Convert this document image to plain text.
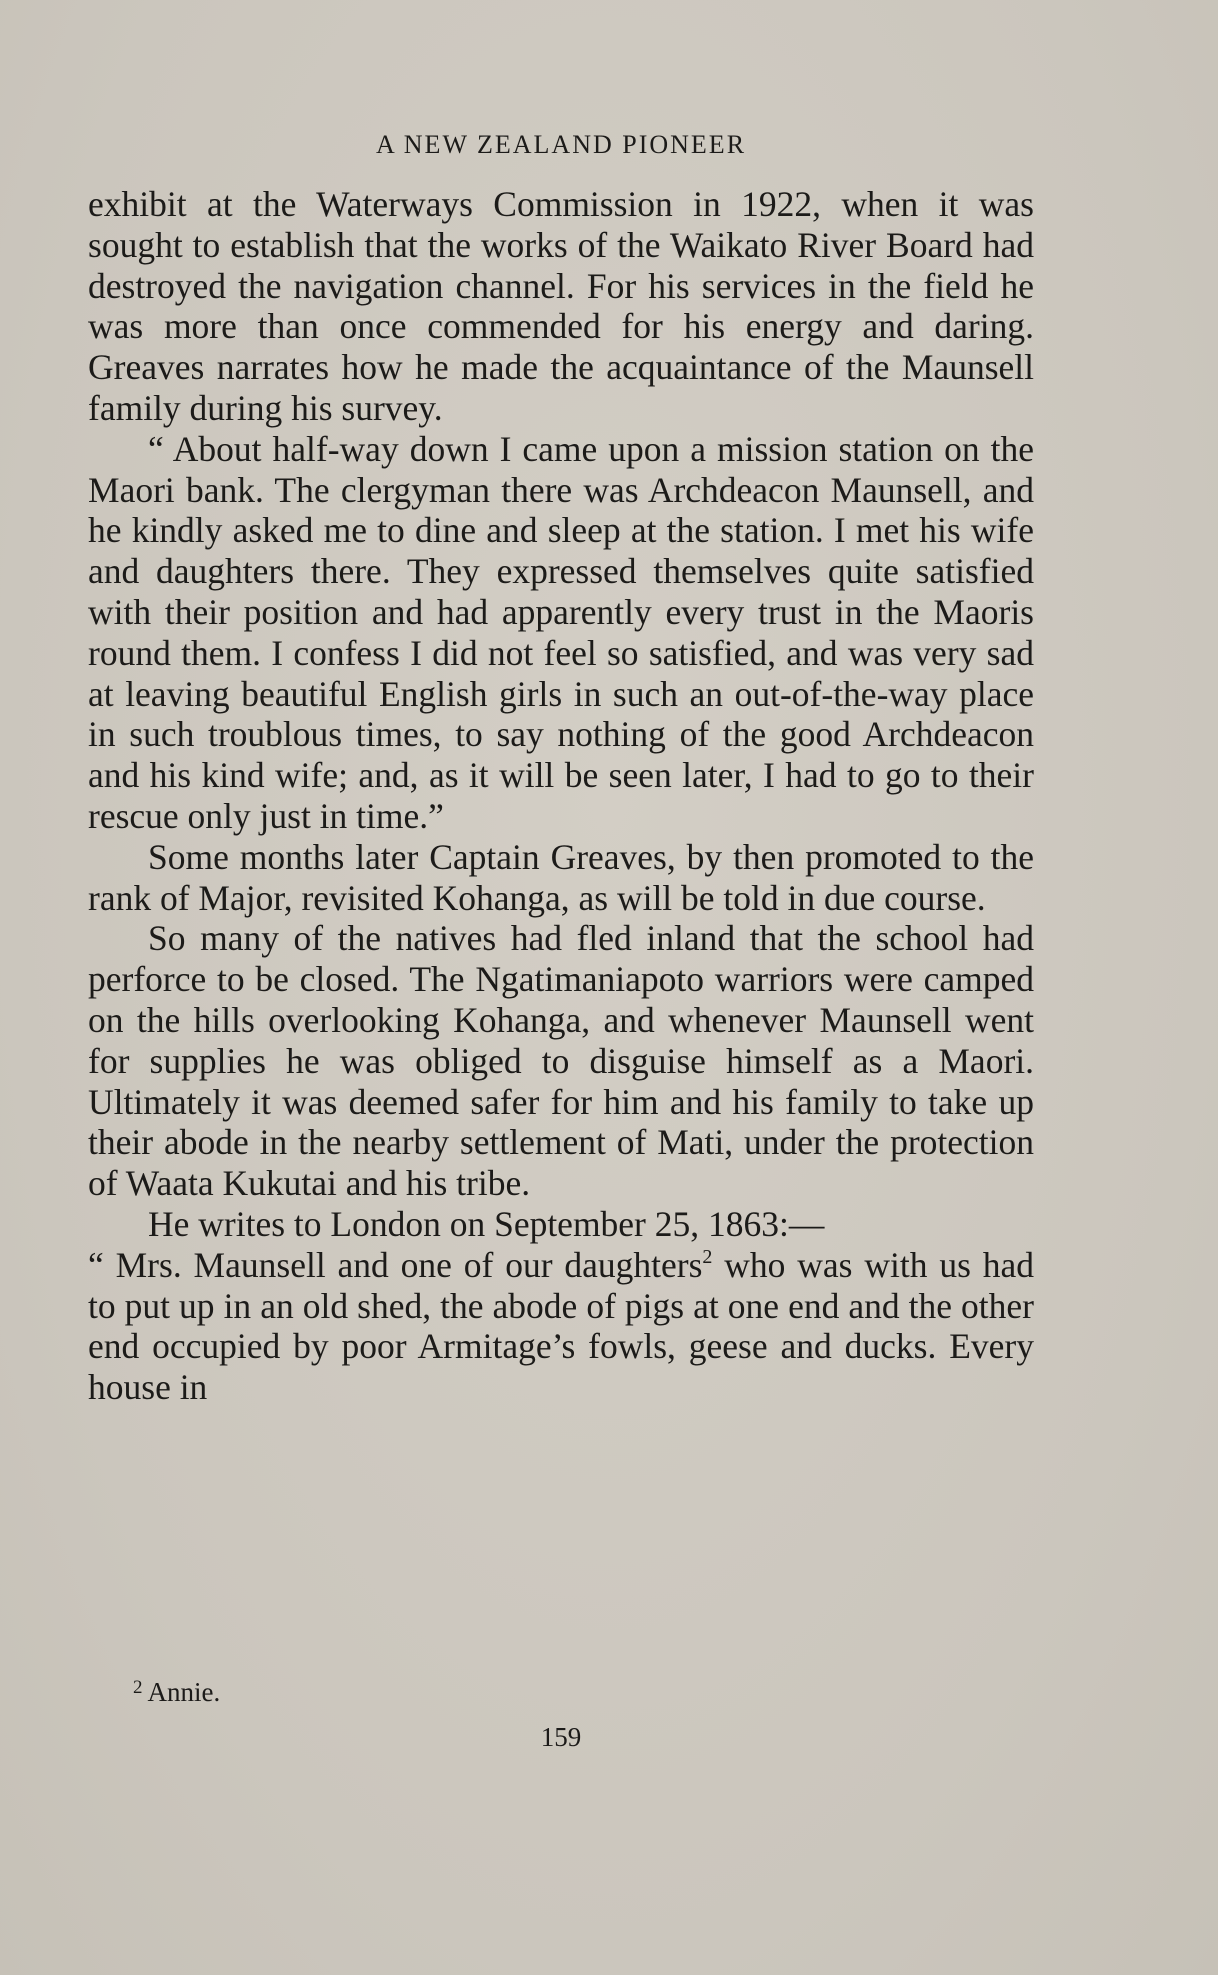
A NEW ZEALAND PIONEER

exhibit at the Waterways Commission in 1922, when it was sought to establish that the works of the Waikato River Board had destroyed the navigation channel. For his services in the field he was more than once commended for his energy and daring. Greaves narrates how he made the acquaintance of the Maunsell family during his survey.

“ About half-way down I came upon a mission station on the Maori bank. The clergyman there was Archdeacon Maunsell, and he kindly asked me to dine and sleep at the station. I met his wife and daughters there. They expressed themselves quite satisfied with their position and had apparently every trust in the Maoris round them. I confess I did not feel so satisfied, and was very sad at leaving beautiful English girls in such an out-of-the-way place in such troublous times, to say nothing of the good Archdeacon and his kind wife; and, as it will be seen later, I had to go to their rescue only just in time.”

Some months later Captain Greaves, by then promoted to the rank of Major, revisited Kohanga, as will be told in due course.

So many of the natives had fled inland that the school had perforce to be closed. The Ngatimaniapoto warriors were camped on the hills overlooking Kohanga, and whenever Maunsell went for supplies he was obliged to disguise himself as a Maori. Ultimately it was deemed safer for him and his family to take up their abode in the nearby settlement of Mati, under the protection of Waata Kukutai and his tribe.

He writes to London on September 25, 1863:—

“ Mrs. Maunsell and one of our daughters$^2$ who was with us had to put up in an old shed, the abode of pigs at one end and the other end occupied by poor Armitage’s fowls, geese and ducks. Every house in

$^2$ Annie.
159
